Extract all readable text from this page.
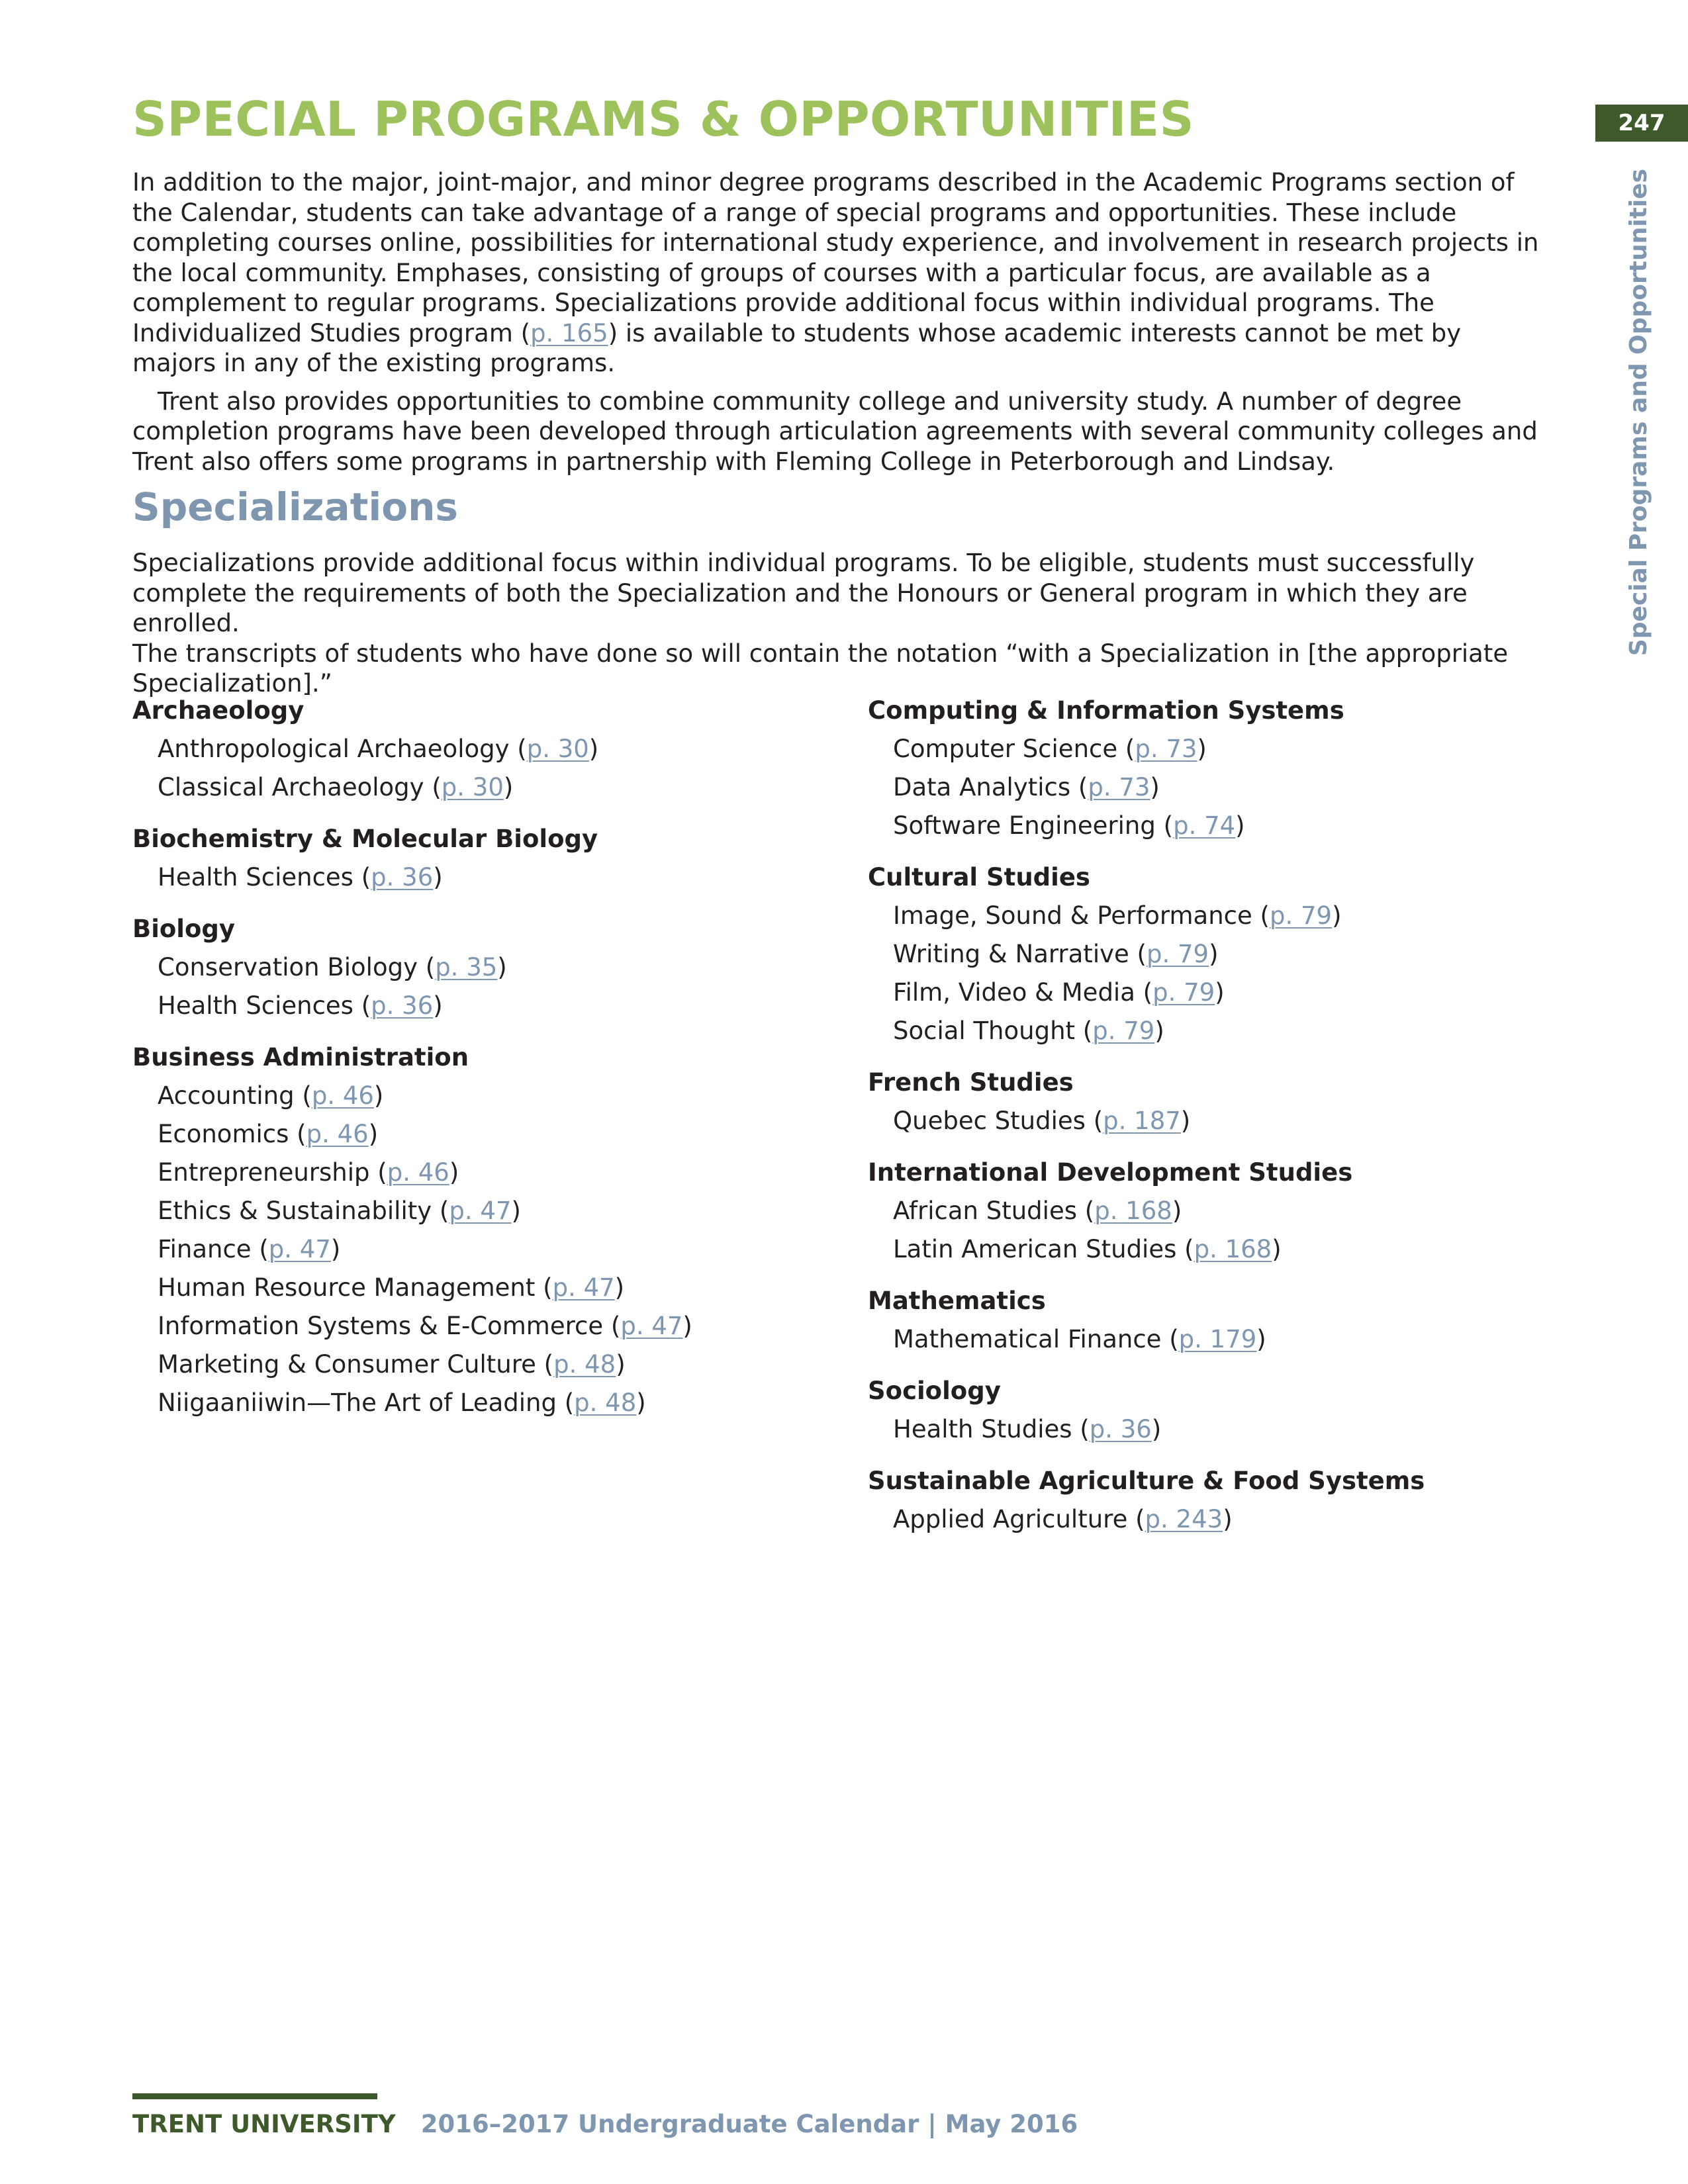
SPECIAL PROGRAMS & OPPORTUNITIES	247
Special Programs and Opportunities

In addition to the major, joint-major, and minor degree programs described in the Academic Programs section of the Calendar, students can take advantage of a range of special programs and opportunities. These include completing courses online, possibilities for international study experience, and involvement in research projects in the local community. Emphases, consisting of groups of courses with a particular focus, are available as a complement to regular programs. Specializations provide additional focus within individual programs. The Individualized Studies program (p. 165) is available to students whose academic interests cannot be met by majors in any of the existing programs.

Trent also provides opportunities to combine community college and university study. A number of degree completion programs have been developed through articulation agreements with several community colleges and Trent also offers some programs in partnership with Fleming College in Peterborough and Lindsay.

Specializations
Specializations provide additional focus within individual programs. To be eligible, students must successfully complete the requirements of both the Specialization and the Honours or General program in which they are enrolled.
The transcripts of students who have done so will contain the notation “with a Specialization in [the appropriate Specialization].”
Archaeology
Anthropological Archaeology (p. 30)
Classical Archaeology (p. 30)
Biochemistry & Molecular Biology
Health Sciences (p. 36)
Biology
Conservation Biology (p. 35)
Health Sciences (p. 36)
Business Administration
Accounting (p. 46)
Economics (p. 46)
Entrepreneurship (p. 46)
Ethics & Sustainability (p. 47)
Finance (p. 47)
Human Resource Management (p. 47)
Information Systems & E-Commerce (p. 47)
Marketing & Consumer Culture (p. 48)
Niigaaniiwin—The Art of Leading (p. 48)
Computing & Information Systems
Computer Science (p. 73)
Data Analytics (p. 73)
Software Engineering (p. 74)
Cultural Studies
Image, Sound & Performance (p. 79)
Writing & Narrative (p. 79)
Film, Video & Media (p. 79)
Social Thought (p. 79)
French Studies
Quebec Studies (p. 187)
International Development Studies
African Studies (p. 168)
Latin American Studies (p. 168)
Mathematics
Mathematical Finance (p. 179)
Sociology
Health Studies (p. 36)
Sustainable Agriculture & Food Systems
Applied Agriculture (p. 243)
TRENT UNIVERSITY 2016–2017 Undergraduate Calendar | May 2016
